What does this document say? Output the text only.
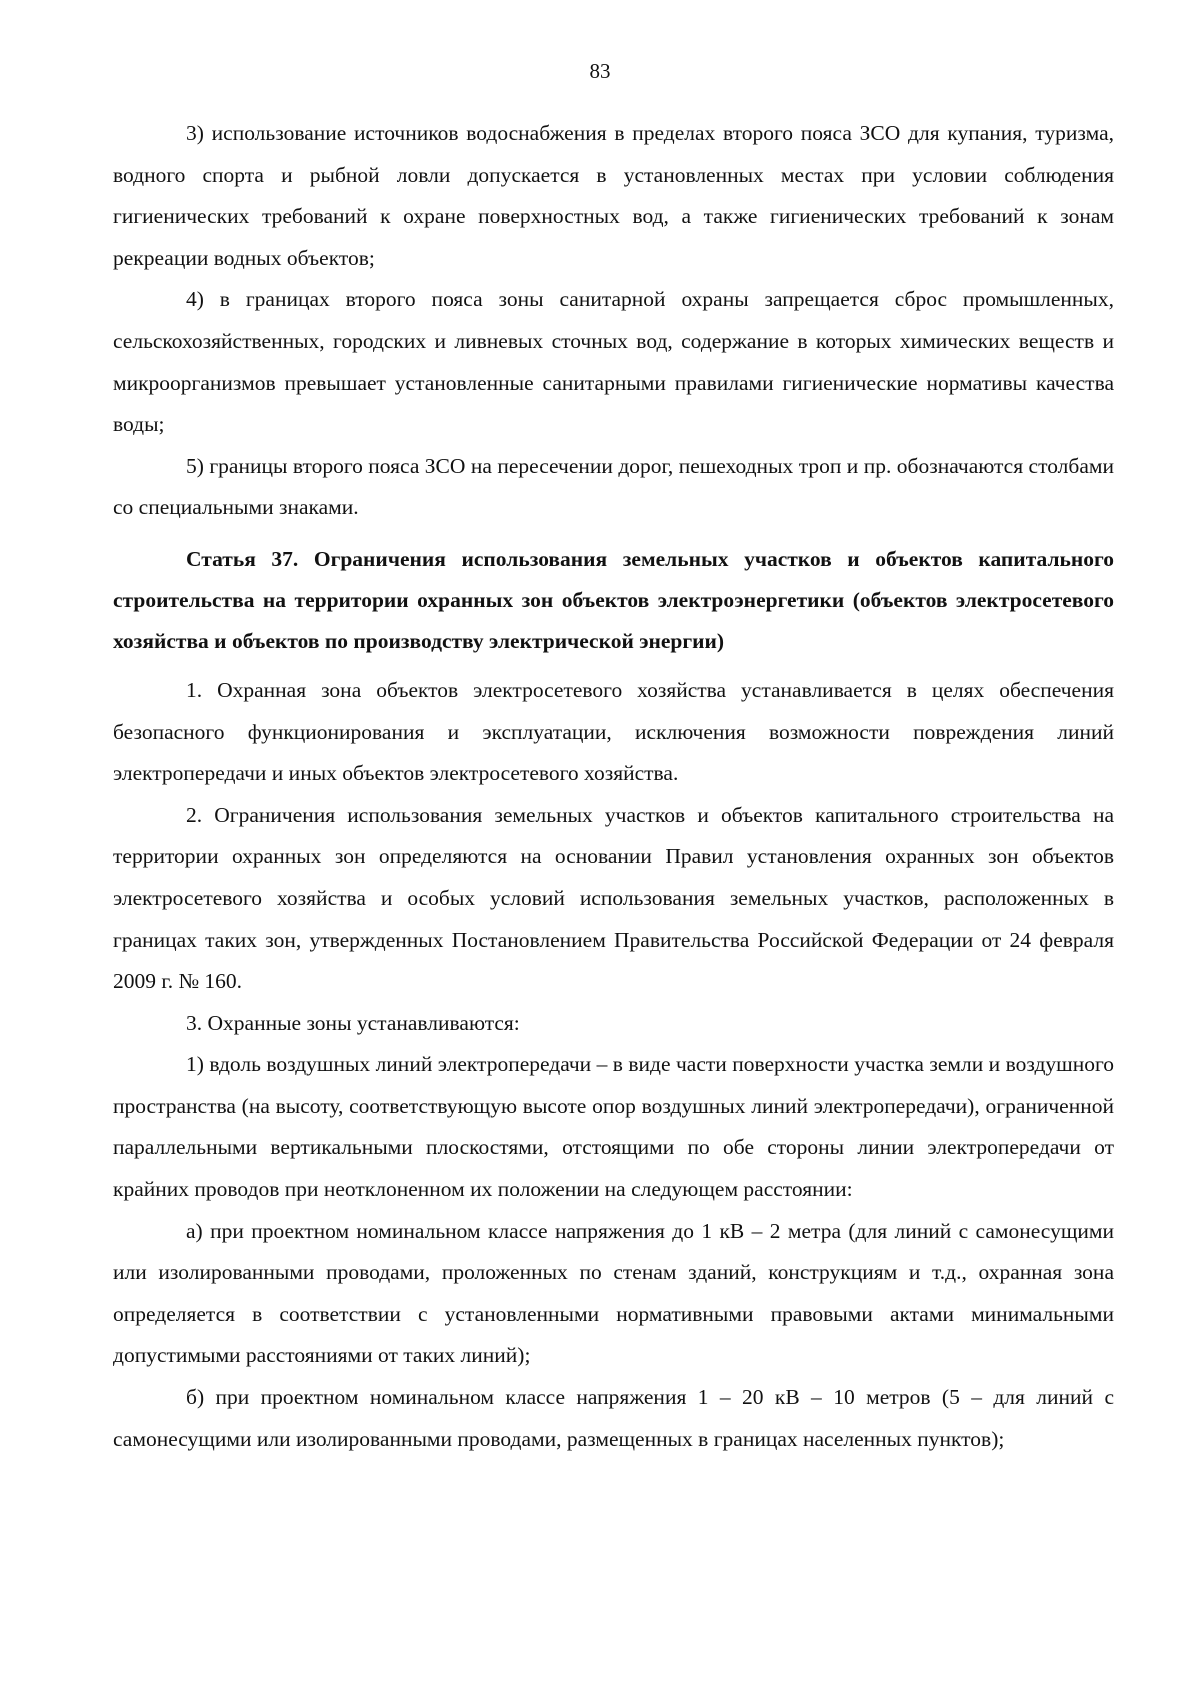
83

3) использование источников водоснабжения в пределах второго пояса ЗСО для купания, туризма, водного спорта и рыбной ловли допускается в установленных местах при условии соблюдения гигиенических требований к охране поверхностных вод, а также гигиенических требований к зонам рекреации водных объектов;

4) в границах второго пояса зоны санитарной охраны запрещается сброс промышленных, сельскохозяйственных, городских и ливневых сточных вод, содержание в которых химических веществ и микроорганизмов превышает установленные санитарными правилами гигиенические нормативы качества воды;

5) границы второго пояса ЗСО на пересечении дорог, пешеходных троп и пр. обозначаются столбами со специальными знаками.

Статья 37. Ограничения использования земельных участков и объектов капитального строительства на территории охранных зон объектов электроэнергетики (объектов электросетевого хозяйства и объектов по производству электрической энергии)

1. Охранная зона объектов электросетевого хозяйства устанавливается в целях обеспечения безопасного функционирования и эксплуатации, исключения возможности повреждения линий электропередачи и иных объектов электросетевого хозяйства.

2. Ограничения использования земельных участков и объектов капитального строительства на территории охранных зон определяются на основании Правил установления охранных зон объектов электросетевого хозяйства и особых условий использования земельных участков, расположенных в границах таких зон, утвержденных Постановлением Правительства Российской Федерации от 24 февраля 2009 г. № 160.

3. Охранные зоны устанавливаются:

1) вдоль воздушных линий электропередачи – в виде части поверхности участка земли и воздушного пространства (на высоту, соответствующую высоте опор воздушных линий электропередачи), ограниченной параллельными вертикальными плоскостями, отстоящими по обе стороны линии электропередачи от крайних проводов при неотклоненном их положении на следующем расстоянии:

а) при проектном номинальном классе напряжения до 1 кВ – 2 метра (для линий с самонесущими или изолированными проводами, проложенных по стенам зданий, конструкциям и т.д., охранная зона определяется в соответствии с установленными нормативными правовыми актами минимальными допустимыми расстояниями от таких линий);

б) при проектном номинальном классе напряжения 1 – 20 кВ – 10 метров (5 – для линий с самонесущими или изолированными проводами, размещенных в границах населенных пунктов);
